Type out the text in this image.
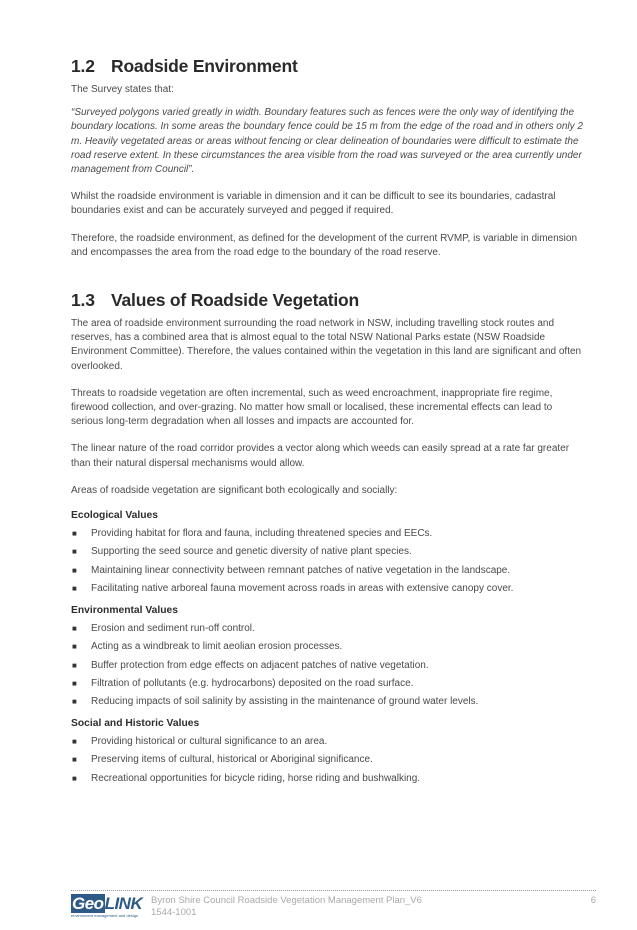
1.2 Roadside Environment

The Survey states that:

“Surveyed polygons varied greatly in width. Boundary features such as fences were the only way of identifying the boundary locations. In some areas the boundary fence could be 15 m from the edge of the road and in others only 2 m. Heavily vegetated areas or areas without fencing or clear delineation of boundaries were difficult to estimate the road reserve extent. In these circumstances the area visible from the road was surveyed or the area currently under management from Council”.

Whilst the roadside environment is variable in dimension and it can be difficult to see its boundaries, cadastral boundaries exist and can be accurately surveyed and pegged if required.

Therefore, the roadside environment, as defined for the development of the current RVMP, is variable in dimension and encompasses the area from the road edge to the boundary of the road reserve.

1.3 Values of Roadside Vegetation

The area of roadside environment surrounding the road network in NSW, including travelling stock routes and reserves, has a combined area that is almost equal to the total NSW National Parks estate (NSW Roadside Environment Committee). Therefore, the values contained within the vegetation in this land are significant and often overlooked.

Threats to roadside vegetation are often incremental, such as weed encroachment, inappropriate fire regime, firewood collection, and over-grazing. No matter how small or localised, these incremental effects can lead to serious long-term degradation when all losses and impacts are accounted for.

The linear nature of the road corridor provides a vector along which weeds can easily spread at a rate far greater than their natural dispersal mechanisms would allow.

Areas of roadside vegetation are significant both ecologically and socially:

Ecological Values
■ Providing habitat for flora and fauna, including threatened species and EECs.
■ Supporting the seed source and genetic diversity of native plant species.
■ Maintaining linear connectivity between remnant patches of native vegetation in the landscape.
■ Facilitating native arboreal fauna movement across roads in areas with extensive canopy cover.
Environmental Values
■ Erosion and sediment run-off control.
■ Acting as a windbreak to limit aeolian erosion processes.
■ Buffer protection from edge effects on adjacent patches of native vegetation.
■ Filtration of pollutants (e.g. hydrocarbons) deposited on the road surface.
■ Reducing impacts of soil salinity by assisting in the maintenance of ground water levels.
Social and Historic Values
■ Providing historical or cultural significance to an area.
■ Preserving items of cultural, historical or Aboriginal significance.
■ Recreational opportunities for bicycle riding, horse riding and bushwalking.
GeoLINK
environment management and design
Byron Shire Council Roadside Vegetation Management Plan_V6
1544-1001
6
